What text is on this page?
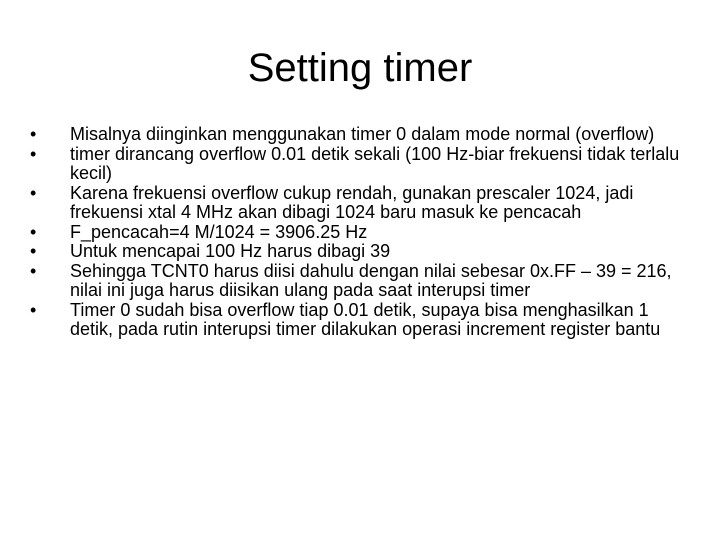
Setting timer
•	Misalnya diinginkan menggunakan timer 0 dalam mode normal (overflow)
•	timer dirancang overflow 0.01 detik sekali (100 Hz-biar frekuensi tidak terlalu kecil)
•	Karena frekuensi overflow cukup rendah, gunakan prescaler 1024, jadi frekuensi xtal 4 MHz akan dibagi 1024 baru masuk ke pencacah
•	F_pencacah=4 M/1024 = 3906.25 Hz
•	Untuk mencapai 100 Hz harus dibagi 39
•	Sehingga TCNT0 harus diisi dahulu dengan nilai sebesar 0x.FF – 39 = 216, nilai ini juga harus diisikan ulang pada saat interupsi timer
•	Timer 0 sudah bisa overflow tiap 0.01 detik, supaya bisa menghasilkan 1 detik, pada rutin interupsi timer dilakukan operasi increment register bantu
